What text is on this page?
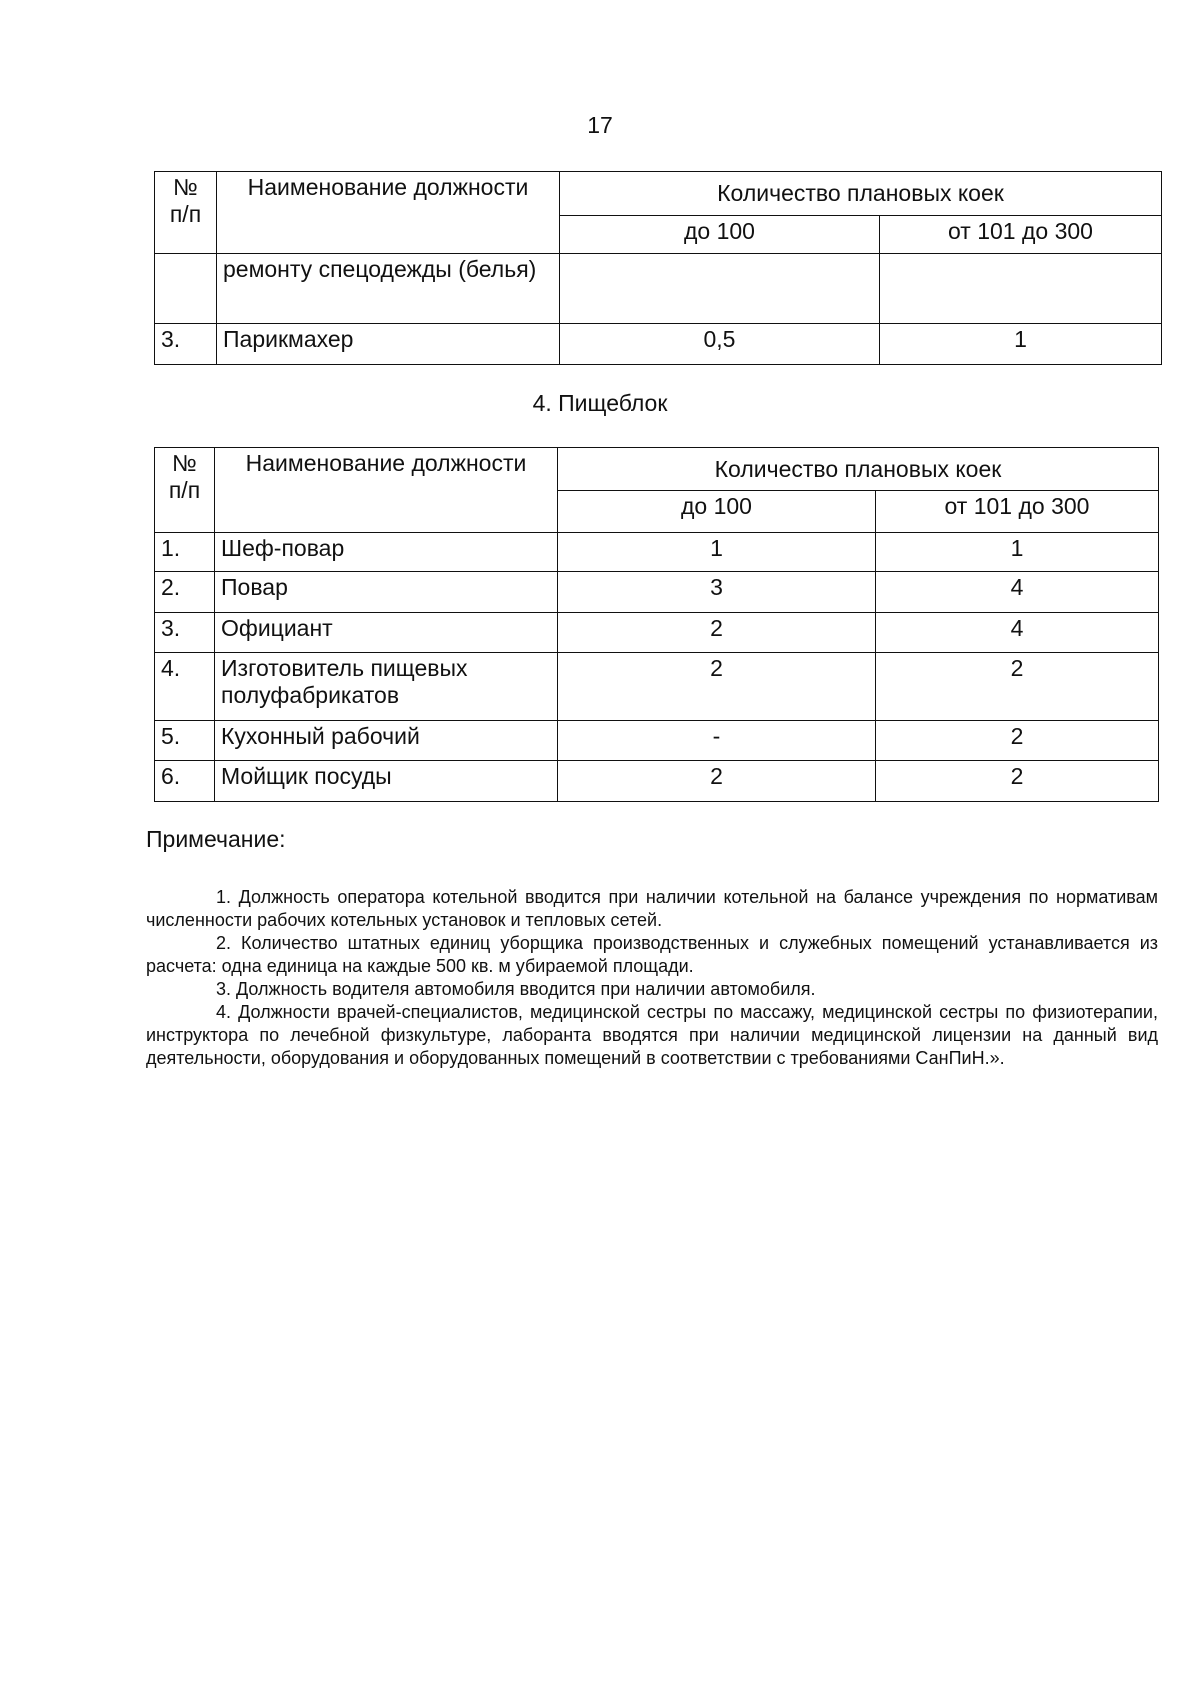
17
№ п/п	Наименование должности	Количество плановых коек	
		до 100	от 101 до 300
	ремонту спецодежды (белья)		
3.	Парикмахер	0,5	1
4. Пищеблок
№ п/п	Наименование должности	Количество плановых коек	
		до 100	от 101 до 300
1.	Шеф-повар	1	1
2.	Повар	3	4
3.	Официант	2	4
4.	Изготовитель пищевых полуфабрикатов	2	2
5.	Кухонный рабочий	-	2
6.	Мойщик посуды	2	2
Примечание:

1. Должность оператора котельной вводится при наличии котельной на балансе учреждения по нормативам численности рабочих котельных установок и тепловых сетей.

2. Количество штатных единиц уборщика производственных и служебных помещений устанавливается из расчета: одна единица на каждые 500 кв. м убираемой площади.

3. Должность водителя автомобиля вводится при наличии автомобиля.

4. Должности врачей-специалистов, медицинской сестры по массажу, медицинской сестры по физиотерапии, инструктора по лечебной физкультуре, лаборанта вводятся при наличии медицинской лицензии на данный вид деятельности, оборудования и оборудованных помещений в соответствии с требованиями СанПиН.».
